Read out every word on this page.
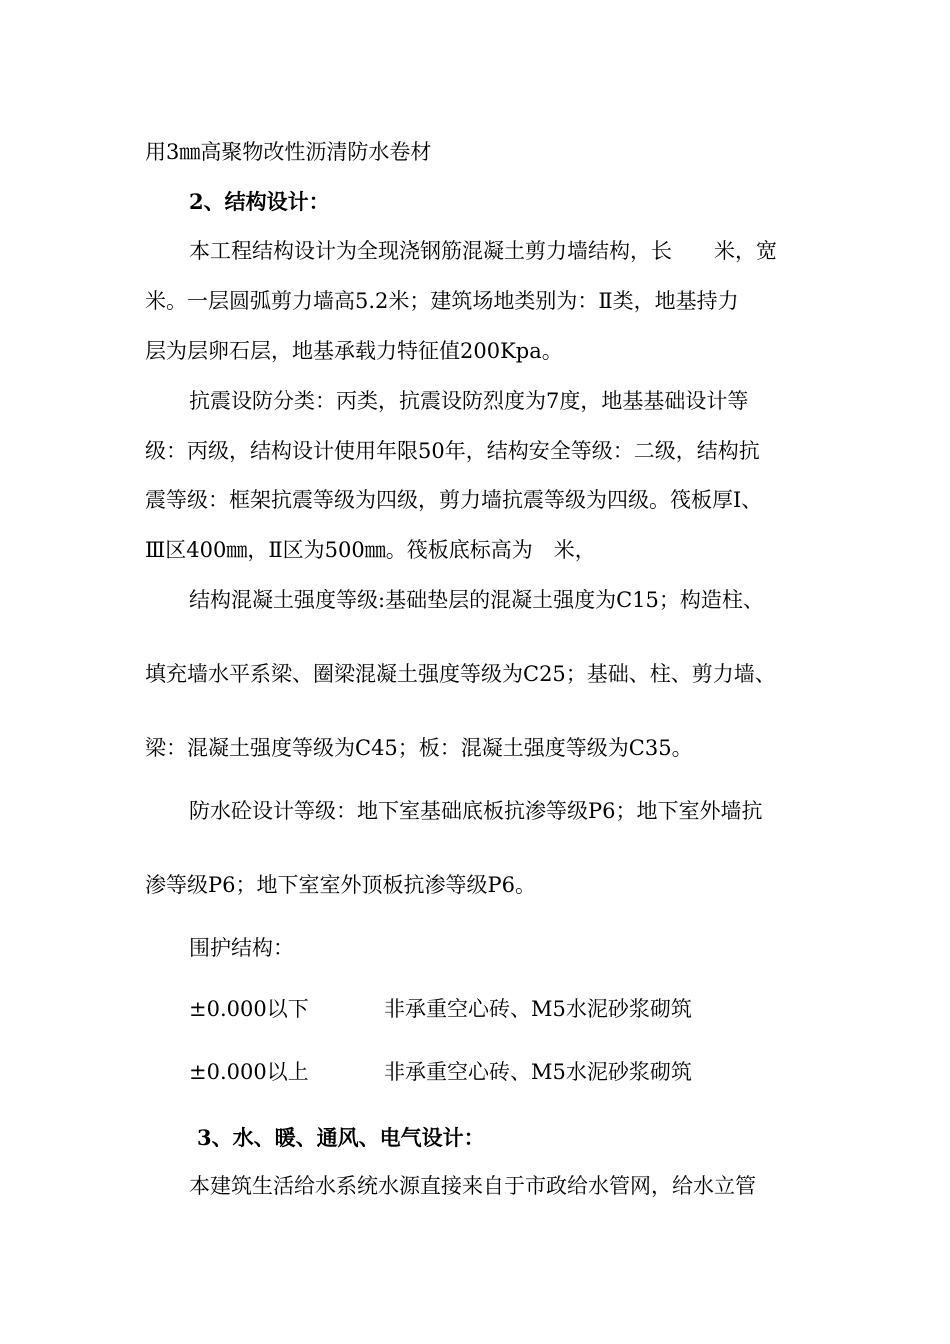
用3㎜高聚物改性沥清防水卷材
2、结构设计：
本工程结构设计为全现浇钢筋混凝土剪力墙结构，长　　米，宽
米。一层圆弧剪力墙高5.2米；建筑场地类别为：Ⅱ类，地基持力
层为层卵石层，地基承载力特征值200Kpa。
抗震设防分类：丙类，抗震设防烈度为7度，地基基础设计等
级：丙级，结构设计使用年限50年，结构安全等级：二级，结构抗
震等级：框架抗震等级为四级，剪力墙抗震等级为四级。筏板厚Ⅰ、
Ⅲ区400㎜，Ⅱ区为500㎜。筏板底标高为　米，
结构混凝土强度等级:基础垫层的混凝土强度为C15；构造柱、
填充墙水平系梁、圈梁混凝土强度等级为C25；基础、柱、剪力墙、
梁：混凝土强度等级为C45；板：混凝土强度等级为C35。
防水砼设计等级：地下室基础底板抗渗等级P6；地下室外墙抗
渗等级P6；地下室室外顶板抗渗等级P6。
围护结构：
±0.000以下	非承重空心砖、M5水泥砂浆砌筑
±0.000以上	非承重空心砖、M5水泥砂浆砌筑
3、水、暖、通风、电气设计：
本建筑生活给水系统水源直接来自于市政给水管网，给水立管
